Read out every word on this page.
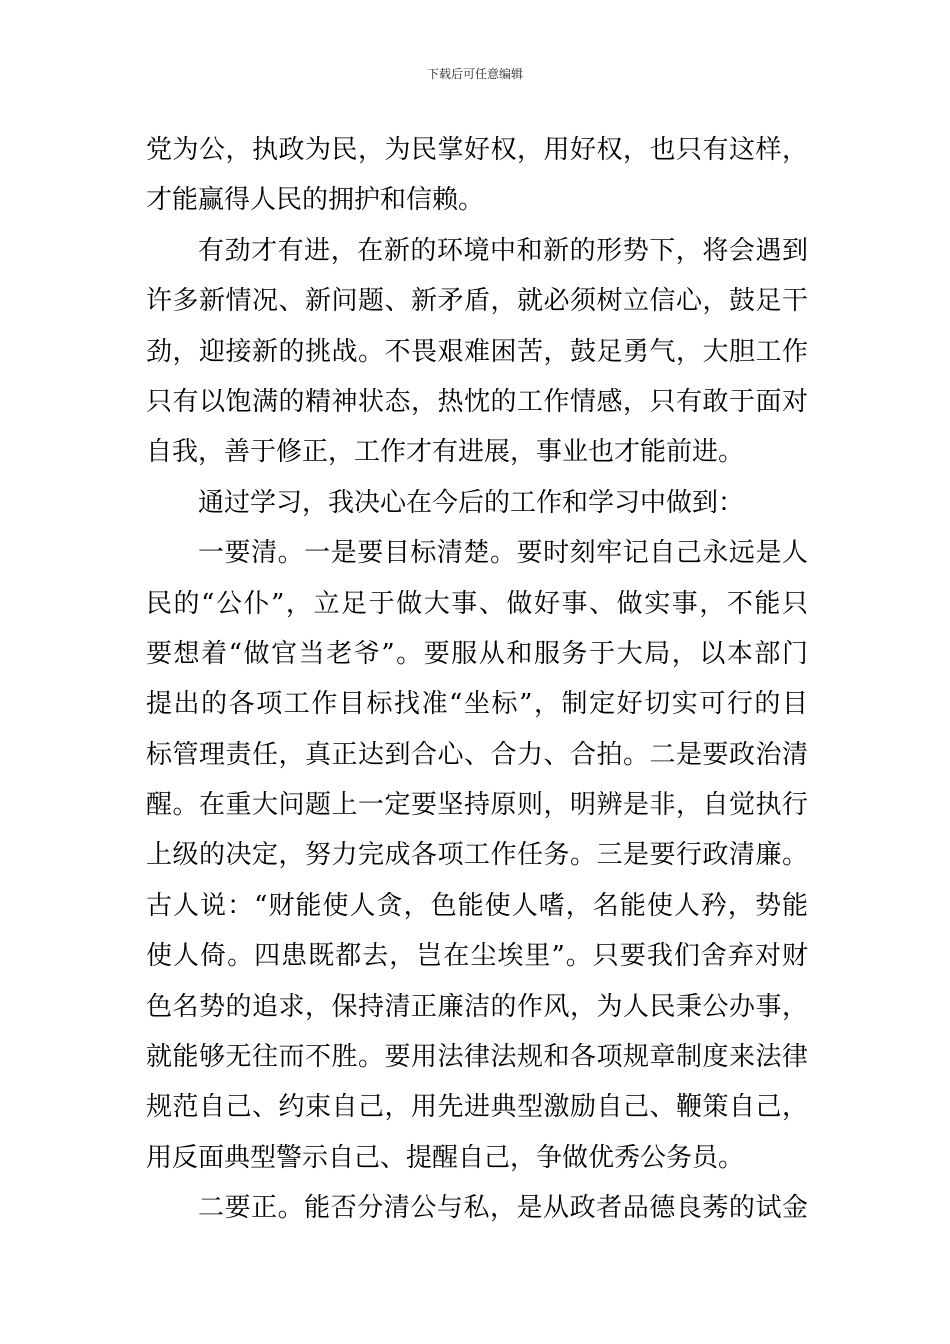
下载后可任意编辑
党为公，执政为民，为民掌好权，用好权，也只有这样，
才能赢得人民的拥护和信赖。
有劲才有进，在新的环境中和新的形势下，将会遇到
许多新情况、新问题、新矛盾，就必须树立信心，鼓足干
劲，迎接新的挑战。不畏艰难困苦，鼓足勇气，大胆工作
只有以饱满的精神状态，热忱的工作情感，只有敢于面对
自我，善于修正，工作才有进展，事业也才能前进。
通过学习，我决心在今后的工作和学习中做到：
一要清。一是要目标清楚。要时刻牢记自己永远是人
民的“公仆”，立足于做大事、做好事、做实事，不能只
要想着“做官当老爷”。要服从和服务于大局，以本部门
提出的各项工作目标找准“坐标”，制定好切实可行的目
标管理责任，真正达到合心、合力、合拍。二是要政治清
醒。在重大问题上一定要坚持原则，明辨是非，自觉执行
上级的决定，努力完成各项工作任务。三是要行政清廉。
古人说：“财能使人贪，色能使人嗜，名能使人矜，势能
使人倚。四患既都去，岂在尘埃里”。只要我们舍弃对财
色名势的追求，保持清正廉洁的作风，为人民秉公办事，
就能够无往而不胜。要用法律法规和各项规章制度来法律
规范自己、约束自己，用先进典型激励自己、鞭策自己，
用反面典型警示自己、提醒自己，争做优秀公务员。
二要正。能否分清公与私，是从政者品德良莠的试金
